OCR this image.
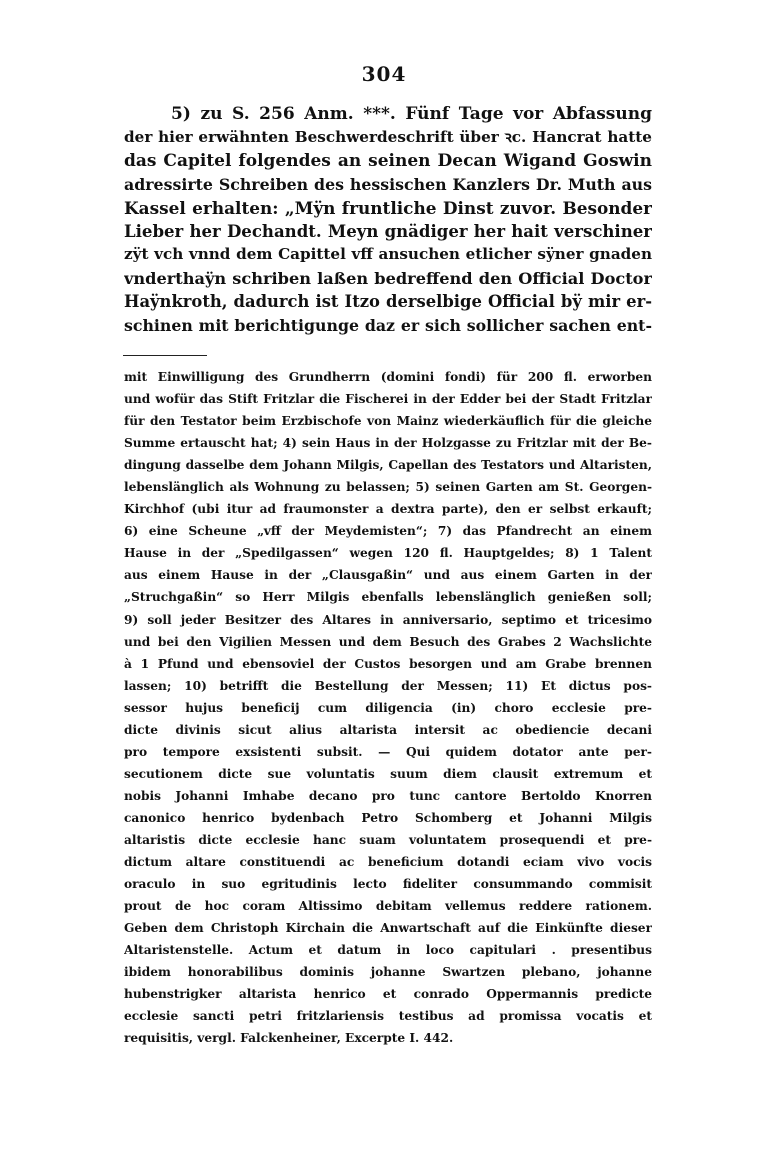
304
5) zu S. 256 Anm. ***. Fünf Tage vor Abfassung
der hier erwähnten Beschwerdeschrift über ꝛc. Hancrat hatte
das Capitel folgendes an seinen Decan Wigand Goswin
adressirte Schreiben des hessischen Kanzlers Dr. Muth aus
Kassel erhalten: „Mÿn fruntliche Dinst zuvor. Besonder
Lieber her Dechandt. Meyn gnädiger her hait verschiner
zÿt vch vnnd dem Capittel vff ansuchen etlicher sÿner gnaden
vnderthaÿn schriben laßen bedreffend den Official Doctor
Haÿnkroth, dadurch ist Itzo derselbige Official bÿ mir er-
schinen mit berichtigunge daz er sich sollicher sachen ent-
mit Einwilligung des Grundherrn (domini fondi) für 200 fl. erworben
und wofür das Stift Fritzlar die Fischerei in der Edder bei der Stadt Fritzlar
für den Testator beim Erzbischofe von Mainz wiederkäuflich für die gleiche
Summe ertauscht hat; 4) sein Haus in der Holzgasse zu Fritzlar mit der Be-
dingung dasselbe dem Johann Milgis, Capellan des Testators und Altaristen,
lebenslänglich als Wohnung zu belassen; 5) seinen Garten am St. Georgen-
Kirchhof (ubi itur ad fraumonster a dextra parte), den er selbst erkauft;
6) eine Scheune „vff der Meydemisten“; 7) das Pfandrecht an einem
Hause in der „Spedilgassen“ wegen 120 fl. Hauptgeldes; 8) 1 Talent
aus einem Hause in der „Clausgaßin“ und aus einem Garten in der
„Struchgaßin“ so Herr Milgis ebenfalls lebenslänglich genießen soll;
9) soll jeder Besitzer des Altares in anniversario, septimo et tricesimo
und bei den Vigilien Messen und dem Besuch des Grabes 2 Wachslichte
à 1 Pfund und ebensoviel der Custos besorgen und am Grabe brennen
lassen; 10) betrifft die Bestellung der Messen; 11) Et dictus pos-
sessor hujus beneficij cum diligencia (in) choro ecclesie pre-
dicte divinis sicut alius altarista intersit ac obediencie decani
pro tempore exsistenti subsit. — Qui quidem dotator ante per-
secutionem dicte sue voluntatis suum diem clausit extremum et
nobis Johanni Imhabe decano pro tunc cantore Bertoldo Knorren
canonico henrico bydenbach Petro Schomberg et Johanni Milgis
altaristis dicte ecclesie hanc suam voluntatem prosequendi et pre-
dictum altare constituendi ac beneficium dotandi eciam vivo vocis
oraculo in suo egritudinis lecto fideliter consummando commisit
prout de hoc coram Altissimo debitam vellemus reddere rationem.
Geben dem Christoph Kirchain die Anwartschaft auf die Einkünfte dieser
Altaristenstelle. Actum et datum in loco capitulari . presentibus
ibidem honorabilibus dominis johanne Swartzen plebano, johanne
hubenstrigker altarista henrico et conrado Oppermannis predicte
ecclesie sancti petri fritzlariensis testibus ad promissa vocatis et
requisitis, vergl. Falckenheiner, Excerpte I. 442.
